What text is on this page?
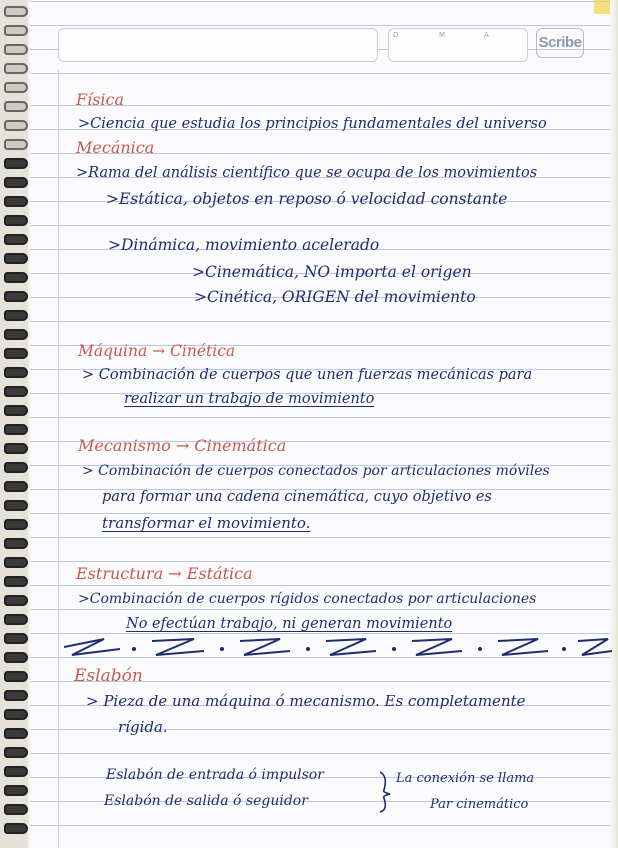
D	M	A	Scribe
Física
>Ciencia que estudia los principios fundamentales del universo
Mecánica
>Rama del análisis científico que se ocupa de los movimientos
>Estática, objetos en reposo ó velocidad constante
>Dinámica, movimiento acelerado
>Cinemática, NO importa el origen
>Cinética, ORIGEN del movimiento
Máquina → Cinética
> Combinación de cuerpos que unen fuerzas mecánicas para
realizar un trabajo de movimiento
Mecanismo → Cinemática
> Combinación de cuerpos conectados por articulaciones móviles
para formar una cadena cinemática, cuyo objetivo es
transformar el movimiento.
Estructura → Estática
>Combinación de cuerpos rígidos conectados por articulaciones
No efectúan trabajo, ni generan movimiento
Eslabón
> Pieza de una máquina ó mecanismo. Es completamente
rígida.
Eslabón de entrada ó impulsor
Eslabón de salida ó seguidor
La conexión se llama
Par cinemático
